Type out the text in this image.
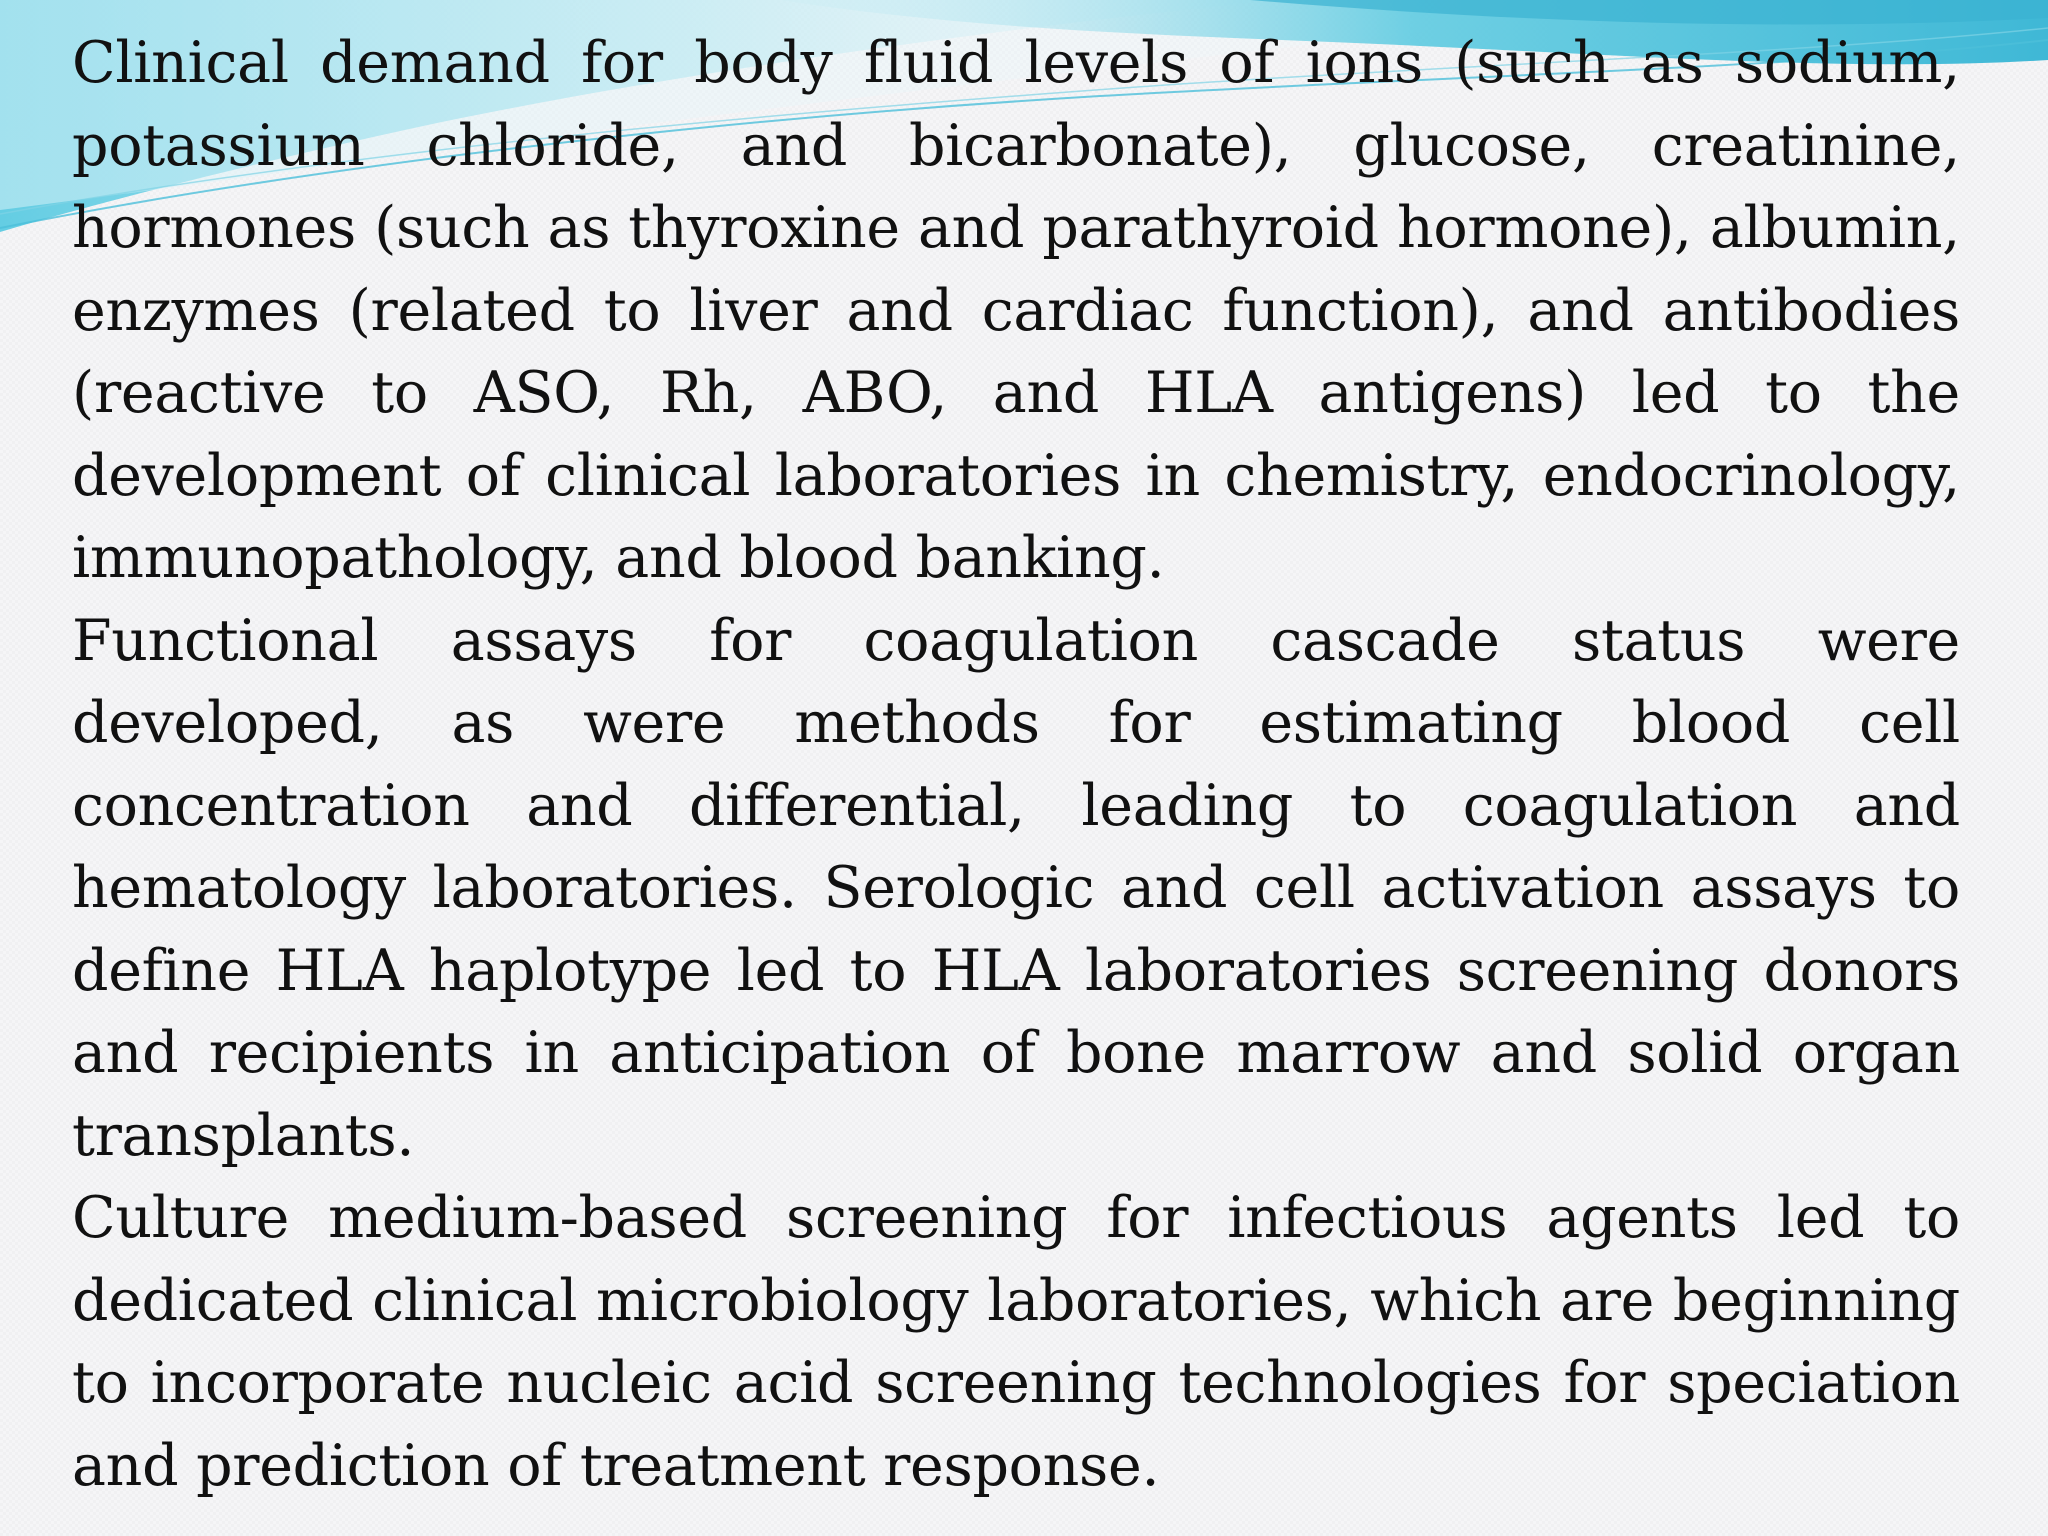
Clinical demand for body fluid levels of ions (such as sodium, potassium chloride, and bicarbonate), glucose, creatinine, hormones (such as thyroxine and parathyroid hormone), albumin, enzymes (related to liver and cardiac function), and antibodies (reactive to ASO, Rh, ABO, and HLA antigens) led to the development of clinical laboratories in chemistry, endocrinology, immunopathology, and blood banking.

Functional assays for coagulation cascade status were developed, as were methods for estimating blood cell concentration and differential, leading to coagulation and hematology laboratories. Serologic and cell activation assays to define HLA haplotype led to HLA laboratories screening donors and recipients in anticipation of bone marrow and solid organ transplants.

Culture medium-based screening for infectious agents led to dedicated clinical microbiology laboratories, which are beginning to incorporate nucleic acid screening technologies for speciation and prediction of treatment response.
